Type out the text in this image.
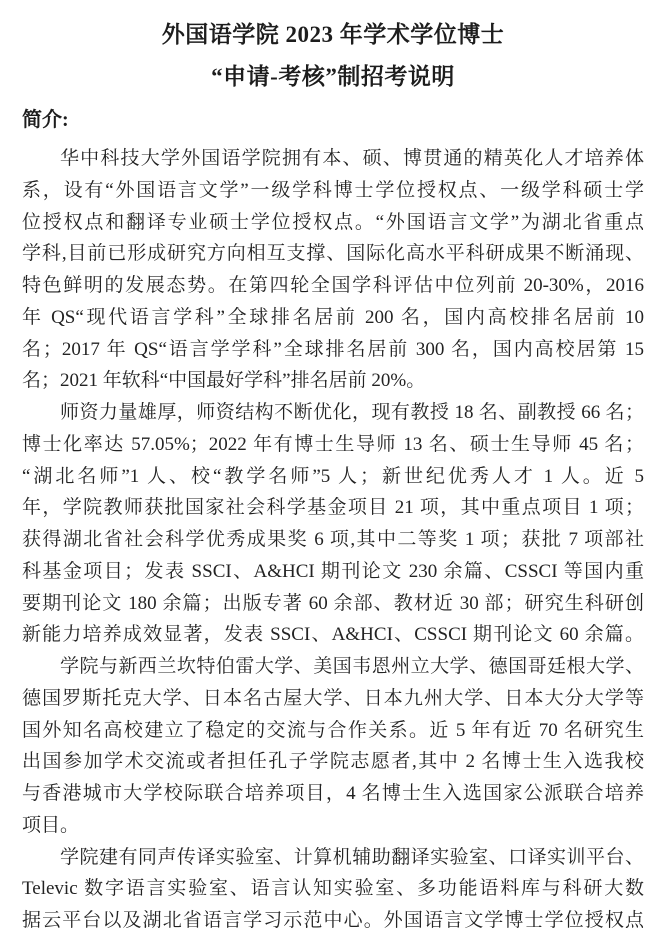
外国语学院 2023 年学术学位博士
“申请-考核”制招考说明
简介:
华中科技大学外国语学院拥有本、硕、博贯通的精英化人才培养体
系，设有“外国语言文学”一级学科博士学位授权点、一级学科硕士学
位授权点和翻译专业硕士学位授权点。“外国语言文学”为湖北省重点
学科,目前已形成研究方向相互支撑、国际化高水平科研成果不断涌现、
特色鲜明的发展态势。在第四轮全国学科评估中位列前 20-30%，2016
年 QS“现代语言学科”全球排名居前 200 名，国内高校排名居前 10
名；2017 年 QS“语言学学科”全球排名居前 300 名，国内高校居第 15
名；2021 年软科“中国最好学科”排名居前 20%。
师资力量雄厚，师资结构不断优化，现有教授 18 名、副教授 66 名；
博士化率达 57.05%；2022 年有博士生导师 13 名、硕士生导师 45 名；
“湖北名师”1 人、校“教学名师”5 人；新世纪优秀人才 1 人。近 5
年，学院教师获批国家社会科学基金项目 21 项，其中重点项目 1 项；
获得湖北省社会科学优秀成果奖 6 项,其中二等奖 1 项；获批 7 项部社
科基金项目；发表 SSCI、A&HCI 期刊论文 230 余篇、CSSCI 等国内重
要期刊论文 180 余篇；出版专著 60 余部、教材近 30 部；研究生科研创
新能力培养成效显著，发表 SSCI、A&HCI、CSSCI 期刊论文 60 余篇。
学院与新西兰坎特伯雷大学、美国韦恩州立大学、德国哥廷根大学、
德国罗斯托克大学、日本名古屋大学、日本九州大学、日本大分大学等
国外知名高校建立了稳定的交流与合作关系。近 5 年有近 70 名研究生
出国参加学术交流或者担任孔子学院志愿者,其中 2 名博士生入选我校
与香港城市大学校际联合培养项目，4 名博士生入选国家公派联合培养
项目。
学院建有同声传译实验室、计算机辅助翻译实验室、口译实训平台、
Televic 数字语言实验室、语言认知实验室、多功能语料库与科研大数
据云平台以及湖北省语言学习示范中心。外国语言文学博士学位授权点
